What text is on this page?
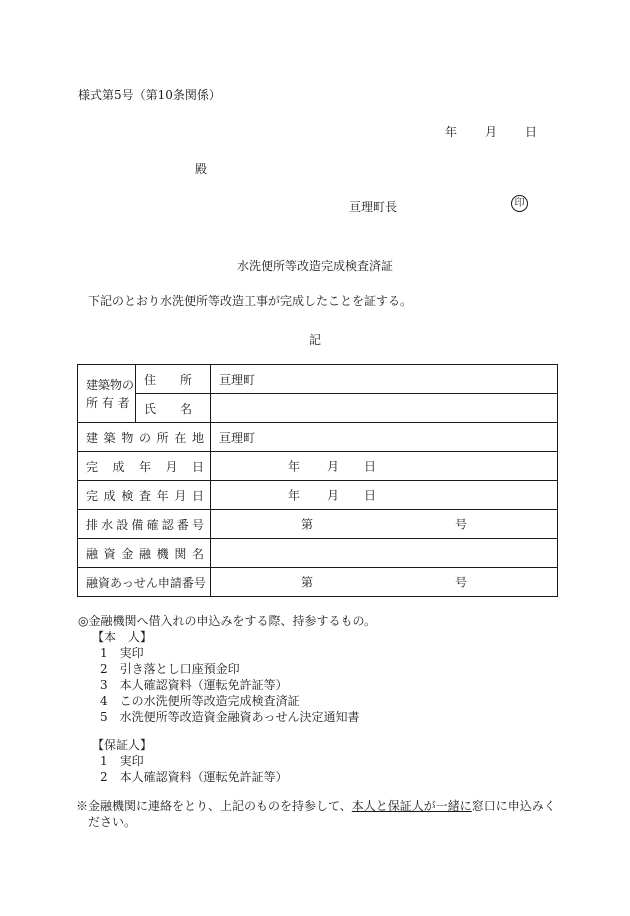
様式第5号（第10条関係）
年 月 日
殿
亘理町長	印
水洗便所等改造完成検査済証
下記のとおり水洗便所等改造工事が完成したことを証する。
記
建築物の
所 有 者	住　　所	亘理町
	氏　　名	
建築物の所在地		亘理町
完成年月日		年 月 日

完成検査年月日		年 月 日

排水設備確認番号		第 号

融資金融機関名		
融資あっせん申請番号		第 号
◎金融機関へ借入れの申込みをする際、持参するもの。
【本　人】
1　実印
2　引き落とし口座預金印
3　本人確認資料（運転免許証等）
4　この水洗便所等改造完成検査済証
5　水洗便所等改造資金融資あっせん決定通知書
【保証人】
1　実印
2　本人確認資料（運転免許証等）
※金融機関に連絡をとり、上記のものを持参して、本人と保証人が一緒に窓口に申込みく
ださい。
